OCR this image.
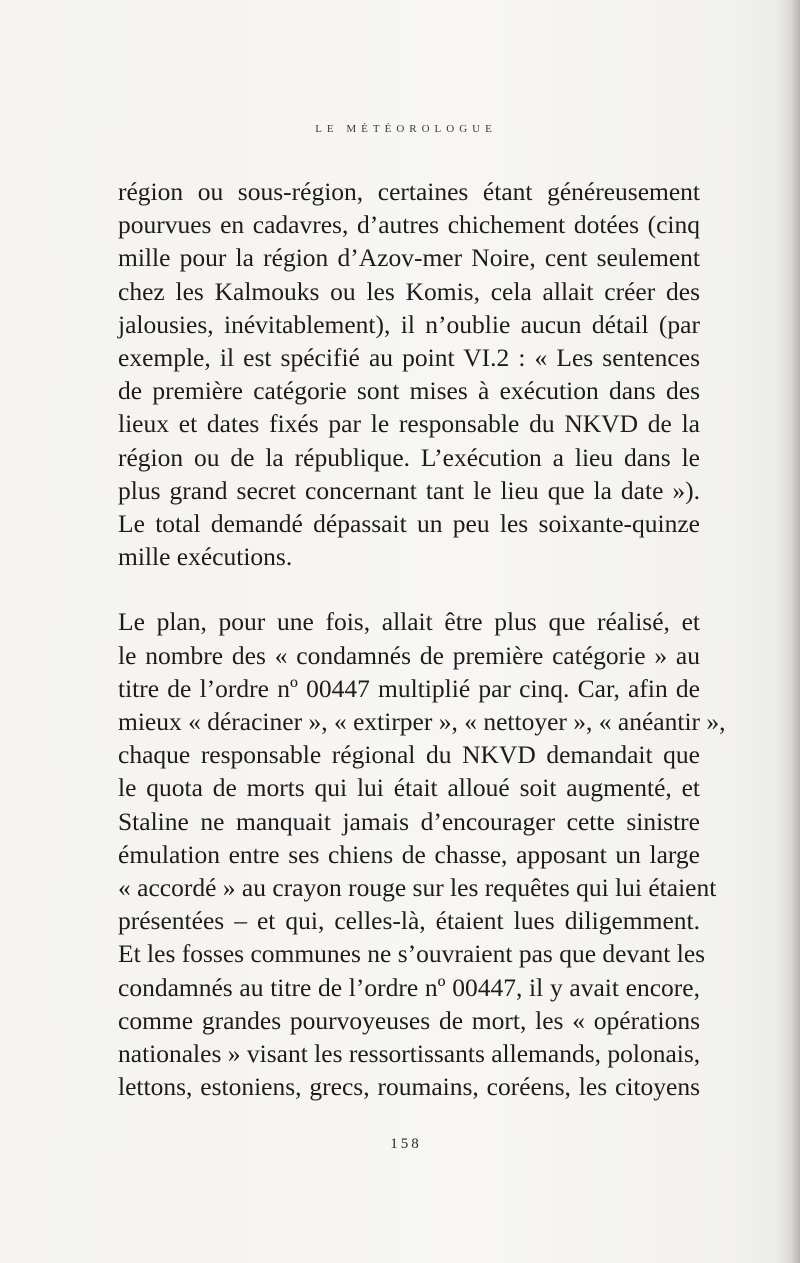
LE MÉTÉOROLOGUE
région ou sous-région, certaines étant généreusement
pourvues en cadavres, d’autres chichement dotées (cinq
mille pour la région d’Azov-mer Noire, cent seulement
chez les Kalmouks ou les Komis, cela allait créer des
jalousies, inévitablement), il n’oublie aucun détail (par
exemple, il est spécifié au point VI.2 : « Les sentences
de première catégorie sont mises à exécution dans des
lieux et dates fixés par le responsable du NKVD de la
région ou de la république. L’exécution a lieu dans le
plus grand secret concernant tant le lieu que la date »).
Le total demandé dépassait un peu les soixante-quinze
mille exécutions.
Le plan, pour une fois, allait être plus que réalisé, et
le nombre des « condamnés de première catégorie » au
titre de l’ordre nº 00447 multiplié par cinq. Car, afin de
mieux « déraciner », « extirper », « nettoyer », « anéantir »,
chaque responsable régional du NKVD demandait que
le quota de morts qui lui était alloué soit augmenté, et
Staline ne manquait jamais d’encourager cette sinistre
émulation entre ses chiens de chasse, apposant un large
« accordé » au crayon rouge sur les requêtes qui lui étaient
présentées – et qui, celles-là, étaient lues diligemment.
Et les fosses communes ne s’ouvraient pas que devant les
condamnés au titre de l’ordre nº 00447, il y avait encore,
comme grandes pourvoyeuses de mort, les « opérations
nationales » visant les ressortissants allemands, polonais,
lettons, estoniens, grecs, roumains, coréens, les citoyens
158
